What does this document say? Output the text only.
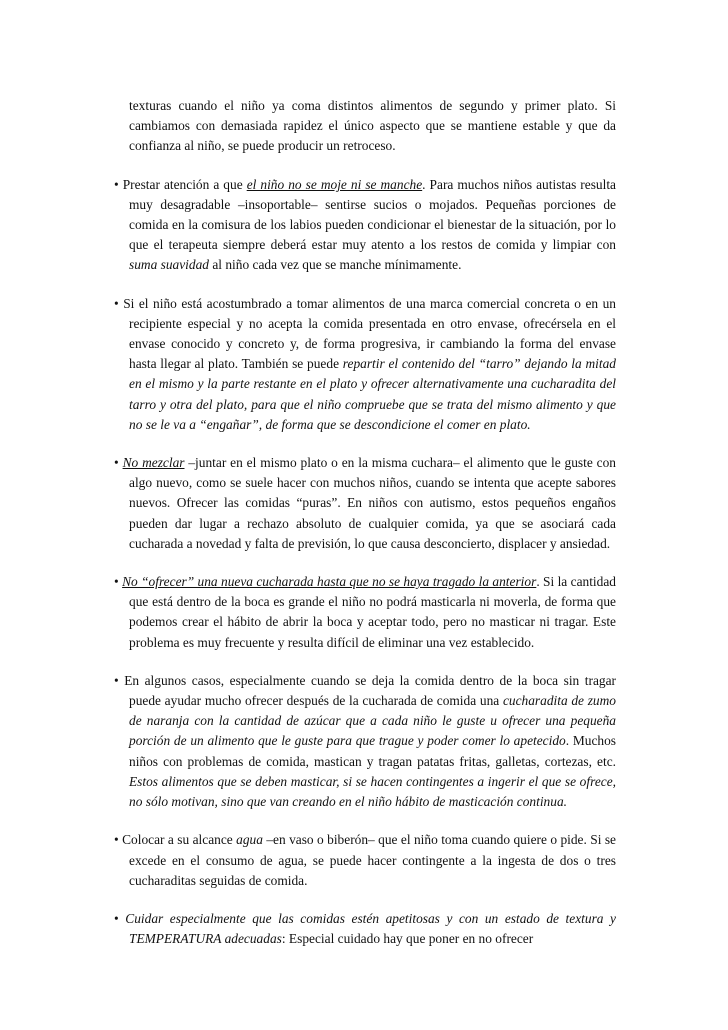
texturas cuando el niño ya coma distintos alimentos de segundo y primer plato. Si cambiamos con demasiada rapidez el único aspecto que se mantiene estable y que da confianza al niño, se puede producir un retroceso.

• Prestar atención a que el niño no se moje ni se manche. Para muchos niños autistas resulta muy desagradable –insoportable– sentirse sucios o mojados. Pequeñas porciones de comida en la comisura de los labios pueden condicionar el bienestar de la situación, por lo que el terapeuta siempre deberá estar muy atento a los restos de comida y limpiar con suma suavidad al niño cada vez que se manche mínimamente.

• Si el niño está acostumbrado a tomar alimentos de una marca comercial concreta o en un recipiente especial y no acepta la comida presentada en otro envase, ofrecérsela en el envase conocido y concreto y, de forma progresiva, ir cambiando la forma del envase hasta llegar al plato. También se puede repartir el contenido del “tarro” dejando la mitad en el mismo y la parte restante en el plato y ofrecer alternativamente una cucharadita del tarro y otra del plato, para que el niño compruebe que se trata del mismo alimento y que no se le va a “engañar”, de forma que se descondicione el comer en plato.

• No mezclar –juntar en el mismo plato o en la misma cuchara– el alimento que le guste con algo nuevo, como se suele hacer con muchos niños, cuando se intenta que acepte sabores nuevos. Ofrecer las comidas “puras”. En niños con autismo, estos pequeños engaños pueden dar lugar a rechazo absoluto de cualquier comida, ya que se asociará cada cucharada a novedad y falta de previsión, lo que causa desconcierto, displacer y ansiedad.

• No “ofrecer” una nueva cucharada hasta que no se haya tragado la anterior. Si la cantidad que está dentro de la boca es grande el niño no podrá masticarla ni moverla, de forma que podemos crear el hábito de abrir la boca y aceptar todo, pero no masticar ni tragar. Este problema es muy frecuente y resulta difícil de eliminar una vez establecido.

• En algunos casos, especialmente cuando se deja la comida dentro de la boca sin tragar puede ayudar mucho ofrecer después de la cucharada de comida una cucharadita de zumo de naranja con la cantidad de azúcar que a cada niño le guste u ofrecer una pequeña porción de un alimento que le guste para que trague y poder comer lo apetecido. Muchos niños con problemas de comida, mastican y tragan patatas fritas, galletas, cortezas, etc. Estos alimentos que se deben masticar, si se hacen contingentes a ingerir el que se ofrece, no sólo motivan, sino que van creando en el niño hábito de masticación continua.

• Colocar a su alcance agua –en vaso o biberón– que el niño toma cuando quiere o pide. Si se excede en el consumo de agua, se puede hacer contingente a la ingesta de dos o tres cucharaditas seguidas de comida.

• Cuidar especialmente que las comidas estén apetitosas y con un estado de textura y TEMPERATURA adecuadas: Especial cuidado hay que poner en no ofrecer
